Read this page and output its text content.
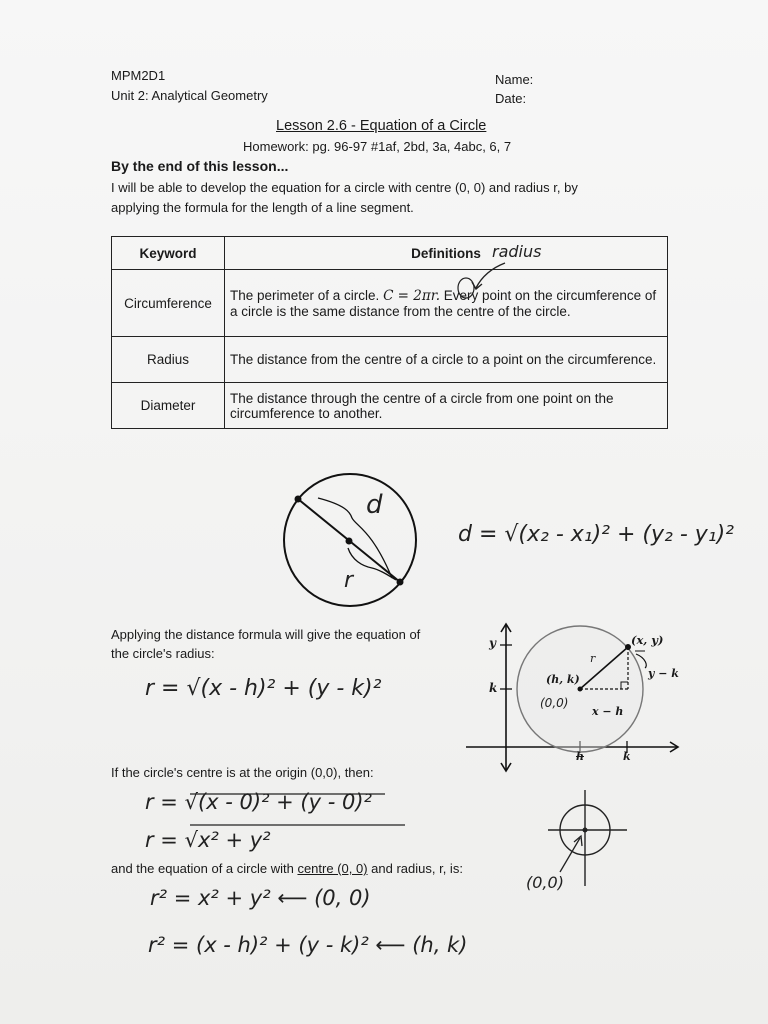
MPM2D1
Unit 2: Analytical Geometry
Name:
Date:
Lesson 2.6 - Equation of a Circle
Homework: pg. 96-97 #1af, 2bd, 3a, 4abc, 6, 7
By the end of this lesson...
I will be able to develop the equation for a circle with centre (0, 0) and radius r, by
applying the formula for the length of a line segment.
Keyword	Definitions
Circumference	The perimeter of a circle. C = 2πr. Every point on the circumference of a circle is the same distance from the centre of the circle.
Radius	The distance from the centre of a circle to a point on the circumference.
Diameter	The distance through the centre of a circle from one point on the circumference to another.
radius
d
r
d = √(x₂ - x₁)² + (y₂ - y₁)²
Applying the distance formula will give the equation of
the circle's radius:
r = √(x - h)² + (y - k)²
y
k
(x, y)
r
y − k
(h, k)
(0,0)
x − h
h	k
If the circle's centre is at the origin (0,0), then:
r = √(x - 0)² + (y - 0)²
r = √x² + y²
and the equation of a circle with centre (0, 0) and radius, r, is:
r² = x² + y² ⟵ (0, 0)
r² = (x - h)² + (y - k)² ⟵ (h, k)
(0,0)
